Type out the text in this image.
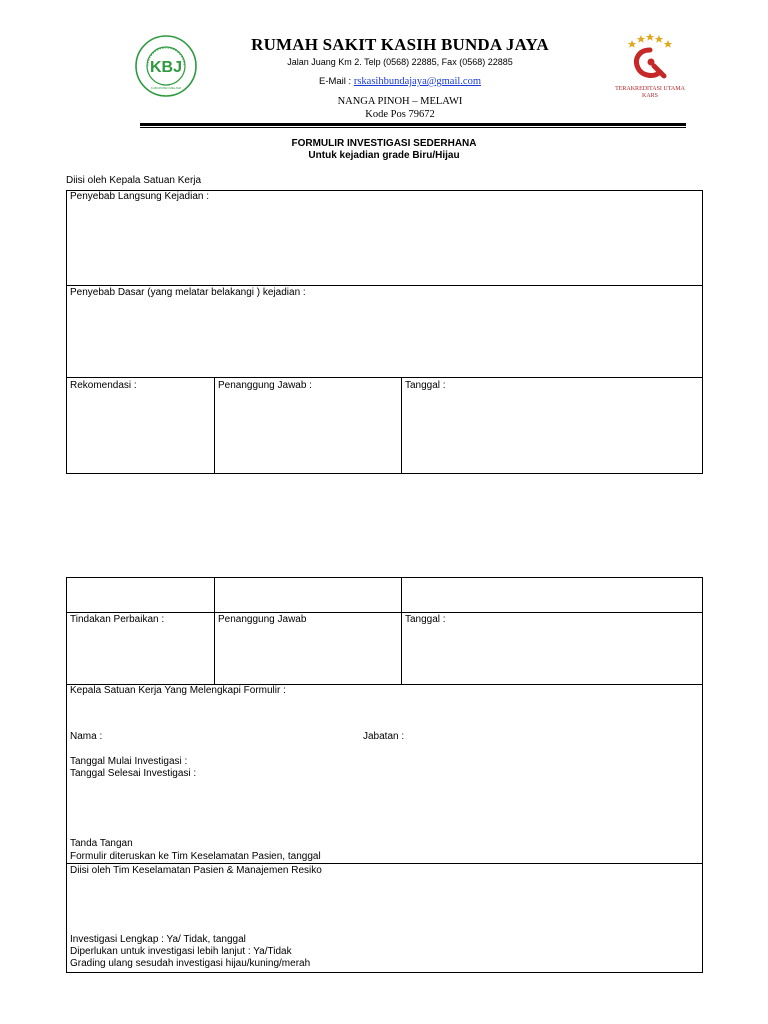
KBJ
KABUPATEN MELAWI
RUMAH SAKIT KASIH BUNDA JAYA
Jalan Juang Km 2. Telp (0568) 22885, Fax (0568) 22885
E-Mail : rskasihbundajaya@gmail.com
NANGA PINOH – MELAWI
Kode Pos 79672
TERAKREDITASI UTAMA
KARS
FORMULIR INVESTIGASI SEDERHANA
Untuk kejadian grade Biru/Hijau
Diisi oleh Kepala Satuan Kerja
Penyebab Langsung Kejadian :
Penyebab Dasar (yang melatar belakangi ) kejadian :
Rekomendasi :	Penanggung Jawab :	Tanggal :
Tindakan Perbaikan :	Penanggung Jawab	Tanggal :
Kepala Satuan Kerja Yang Melengkapi Formulir :
Nama :	Jabatan :
Tanggal Mulai Investigasi :
Tanggal Selesai Investigasi :
Tanda Tangan
Formulir diteruskan ke Tim Keselamatan Pasien, tanggal
Diisi oleh Tim Keselamatan Pasien & Manajemen Resiko
Investigasi Lengkap : Ya/ Tidak, tanggal
Diperlukan untuk investigasi lebih lanjut : Ya/Tidak
Grading ulang sesudah investigasi hijau/kuning/merah
